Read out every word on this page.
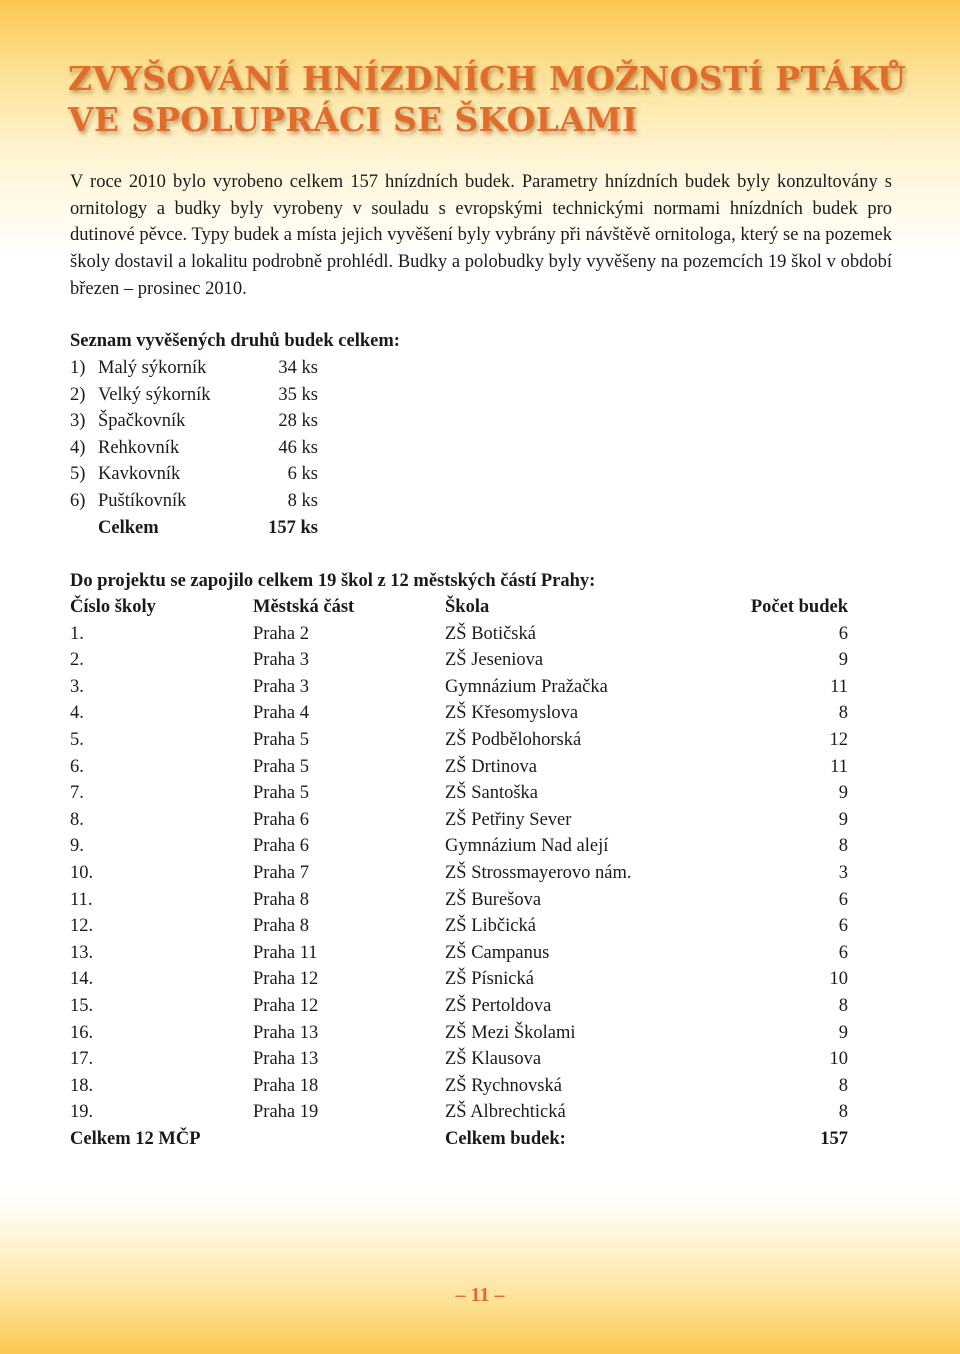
ZVYŠOVÁNÍ HNÍZDNÍCH MOŽNOSTÍ PTÁKŮ
VE SPOLUPRÁCI SE ŠKOLAMI

V roce 2010 bylo vyrobeno celkem 157 hnízdních budek. Parametry hnízdních budek byly konzultovány s ornitology a budky byly vyrobeny v souladu s evropskými technickými normami hnízdních budek pro dutinové pěvce. Typy budek a místa jejich vyvěšení byly vybrány při návštěvě ornitologa, který se na pozemek školy dostavil a lokalitu podrobně prohlédl. Budky a polobudky byly vyvěšeny na pozemcích 19 škol v období březen – prosinec 2010.

Seznam vyvěšených druhů budek celkem:
1) Malý sýkorník	34 ks
2) Velký sýkorník	35 ks
3) Špačkovník	28 ks
4) Rehkovník	46 ks
5) Kavkovník	6 ks
6) Puštíkovník	8 ks
Celkem	157 ks
Do projektu se zapojilo celkem 19 škol z 12 městských částí Prahy:
Číslo školy	Městská část	Škola	Počet budek
1.	Praha 2	ZŠ Botičská	6
2.	Praha 3	ZŠ Jeseniova	9
3.	Praha 3	Gymnázium Pražačka	11
4.	Praha 4	ZŠ Křesomyslova	8
5.	Praha 5	ZŠ Podbělohorská	12
6.	Praha 5	ZŠ Drtinova	11
7.	Praha 5	ZŠ Santoška	9
8.	Praha 6	ZŠ Petřiny Sever	9
9.	Praha 6	Gymnázium Nad alejí	8
10.	Praha 7	ZŠ Strossmayerovo nám.	3
11.	Praha 8	ZŠ Burešova	6
12.	Praha 8	ZŠ Libčická	6
13.	Praha 11	ZŠ Campanus	6
14.	Praha 12	ZŠ Písnická	10
15.	Praha 12	ZŠ Pertoldova	8
16.	Praha 13	ZŠ Mezi Školami	9
17.	Praha 13	ZŠ Klausova	10
18.	Praha 18	ZŠ Rychnovská	8
19.	Praha 19	ZŠ Albrechtická	8
Celkem 12 MČP	Celkem budek:	157
– 11 –
